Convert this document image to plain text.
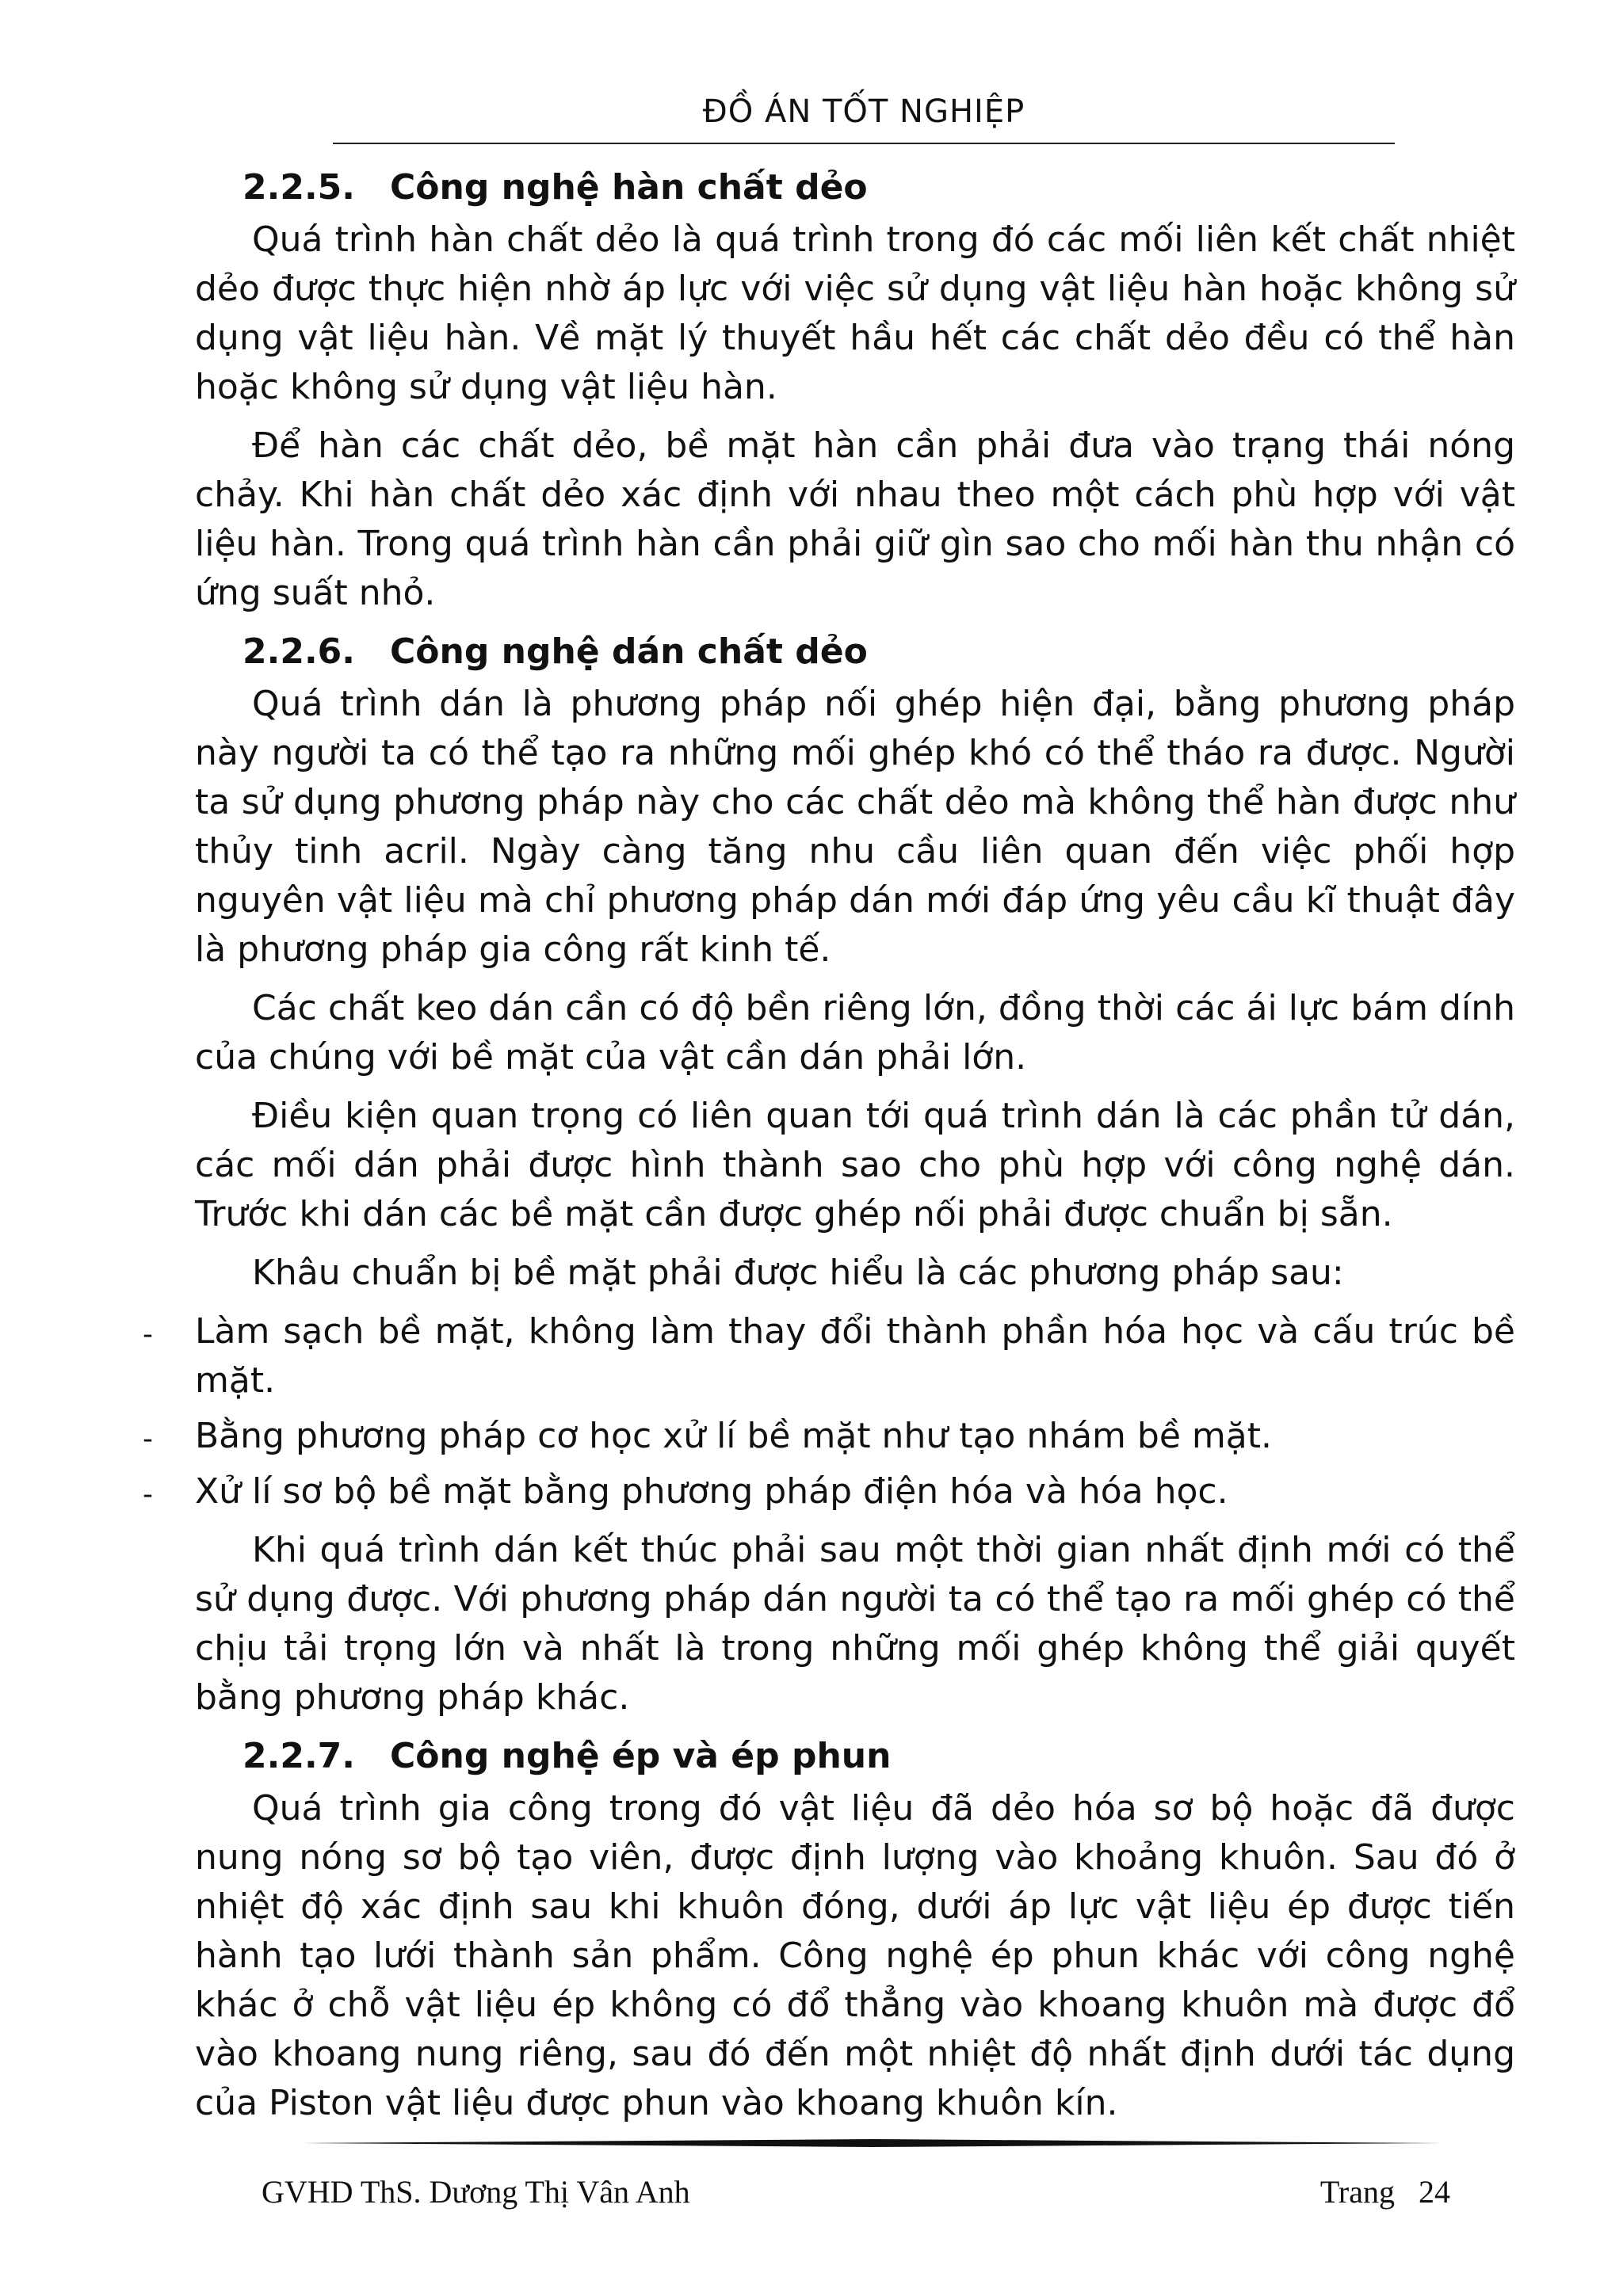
ĐỒ ÁN TỐT NGHIỆP
2.2.5. Công nghệ hàn chất dẻo

Quá trình hàn chất dẻo là quá trình trong đó các mối liên kết chất nhiệt dẻo được thực hiện nhờ áp lực với việc sử dụng vật liệu hàn hoặc không sử dụng vật liệu hàn. Về mặt lý thuyết hầu hết các chất dẻo đều có thể hàn hoặc không sử dụng vật liệu hàn.

Để hàn các chất dẻo, bề mặt hàn cần phải đưa vào trạng thái nóng chảy. Khi hàn chất dẻo xác định với nhau theo một cách phù hợp với vật liệu hàn. Trong quá trình hàn cần phải giữ gìn sao cho mối hàn thu nhận có ứng suất nhỏ.

2.2.6. Công nghệ dán chất dẻo

Quá trình dán là phương pháp nối ghép hiện đại, bằng phương pháp này người ta có thể tạo ra những mối ghép khó có thể tháo ra được. Người ta sử dụng phương pháp này cho các chất dẻo mà không thể hàn được như thủy tinh acril. Ngày càng tăng nhu cầu liên quan đến việc phối hợp nguyên vật liệu mà chỉ phương pháp dán mới đáp ứng yêu cầu kĩ thuật đây là phương pháp gia công rất kinh tế.

Các chất keo dán cần có độ bền riêng lớn, đồng thời các ái lực bám dính của chúng với bề mặt của vật cần dán phải lớn.

Điều kiện quan trọng có liên quan tới quá trình dán là các phần tử dán, các mối dán phải được hình thành sao cho phù hợp với công nghệ dán. Trước khi dán các bề mặt cần được ghép nối phải được chuẩn bị sẵn.

Khâu chuẩn bị bề mặt phải được hiểu là các phương pháp sau:

- Làm sạch bề mặt, không làm thay đổi thành phần hóa học và cấu trúc bề mặt.
- Bằng phương pháp cơ học xử lí bề mặt như tạo nhám bề mặt.
- Xử lí sơ bộ bề mặt bằng phương pháp điện hóa và hóa học.

Khi quá trình dán kết thúc phải sau một thời gian nhất định mới có thể sử dụng được. Với phương pháp dán người ta có thể tạo ra mối ghép có thể chịu tải trọng lớn và nhất là trong những mối ghép không thể giải quyết bằng phương pháp khác.

2.2.7. Công nghệ ép và ép phun

Quá trình gia công trong đó vật liệu đã dẻo hóa sơ bộ hoặc đã được nung nóng sơ bộ tạo viên, được định lượng vào khoảng khuôn. Sau đó ở nhiệt độ xác định sau khi khuôn đóng, dưới áp lực vật liệu ép được tiến hành tạo lưới thành sản phẩm. Công nghệ ép phun khác với công nghệ khác ở chỗ vật liệu ép không có đổ thẳng vào khoang khuôn mà được đổ vào khoang nung riêng, sau đó đến một nhiệt độ nhất định dưới tác dụng của Piston vật liệu được phun vào khoang khuôn kín.

GVHD ThS. Dương Thị Vân Anh	Trang 24
